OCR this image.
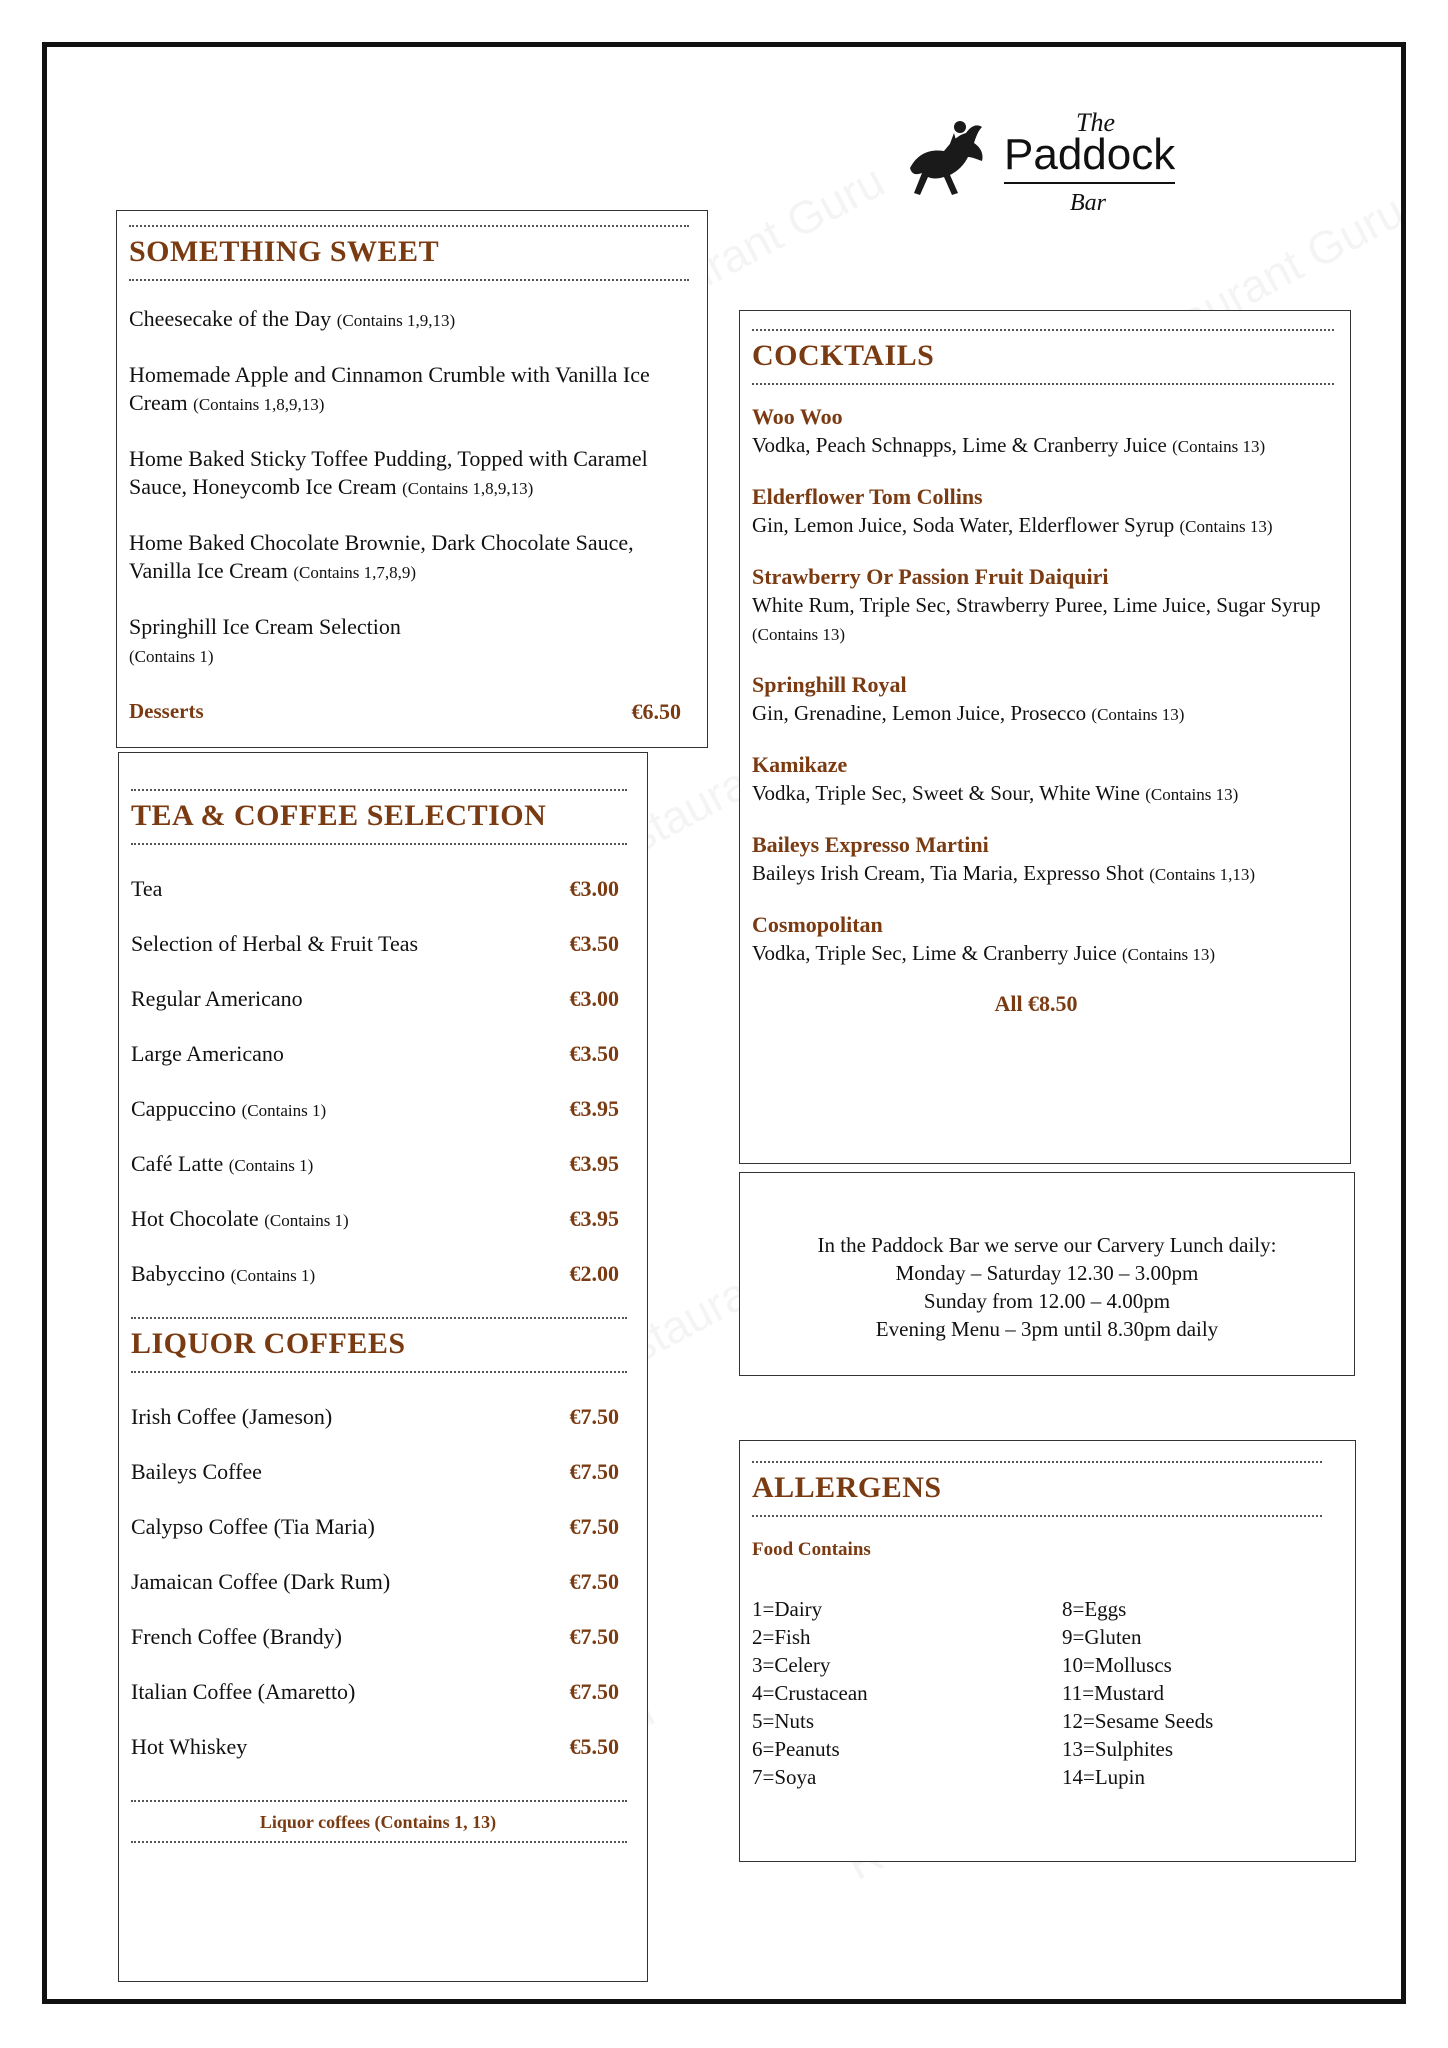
The
Paddock
Bar
SOMETHING SWEET
Cheesecake of the Day (Contains 1,9,13)
Homemade Apple and Cinnamon Crumble with Vanilla Ice Cream (Contains 1,8,9,13)
Home Baked Sticky Toffee Pudding, Topped with Caramel Sauce, Honeycomb Ice Cream (Contains 1,8,9,13)
Home Baked Chocolate Brownie, Dark Chocolate Sauce, Vanilla Ice Cream (Contains 1,7,8,9)
Springhill Ice Cream Selection
(Contains 1)
Desserts	€6.50
TEA & COFFEE SELECTION
Tea	€3.00
Selection of Herbal & Fruit Teas	€3.50
Regular Americano	€3.00
Large Americano	€3.50
Cappuccino (Contains 1)	€3.95
Café Latte (Contains 1)	€3.95
Hot Chocolate (Contains 1)	€3.95
Babyccino (Contains 1)	€2.00
LIQUOR COFFEES
Irish Coffee (Jameson)	€7.50
Baileys Coffee	€7.50
Calypso Coffee (Tia Maria)	€7.50
Jamaican Coffee (Dark Rum)	€7.50
French Coffee (Brandy)	€7.50
Italian Coffee (Amaretto)	€7.50
Hot Whiskey	€5.50
Liquor coffees (Contains 1, 13)
COCKTAILS
Woo Woo
Vodka, Peach Schnapps, Lime & Cranberry Juice (Contains 13)
Elderflower Tom Collins
Gin, Lemon Juice, Soda Water, Elderflower Syrup (Contains 13)
Strawberry Or Passion Fruit Daiquiri
White Rum, Triple Sec, Strawberry Puree, Lime Juice, Sugar Syrup (Contains 13)
Springhill Royal
Gin, Grenadine, Lemon Juice, Prosecco (Contains 13)
Kamikaze
Vodka, Triple Sec, Sweet & Sour, White Wine (Contains 13)
Baileys Expresso Martini
Baileys Irish Cream, Tia Maria, Expresso Shot (Contains 1,13)
Cosmopolitan
Vodka, Triple Sec, Lime & Cranberry Juice (Contains 13)
All €8.50
In the Paddock Bar we serve our Carvery Lunch daily:
Monday – Saturday 12.30 – 3.00pm
Sunday from 12.00 – 4.00pm
Evening Menu – 3pm until 8.30pm daily
ALLERGENS
Food Contains
1=Dairy
2=Fish
3=Celery
4=Crustacean
5=Nuts
6=Peanuts
7=Soya
8=Eggs
9=Gluten
10=Molluscs
11=Mustard
12=Sesame Seeds
13=Sulphites
14=Lupin
